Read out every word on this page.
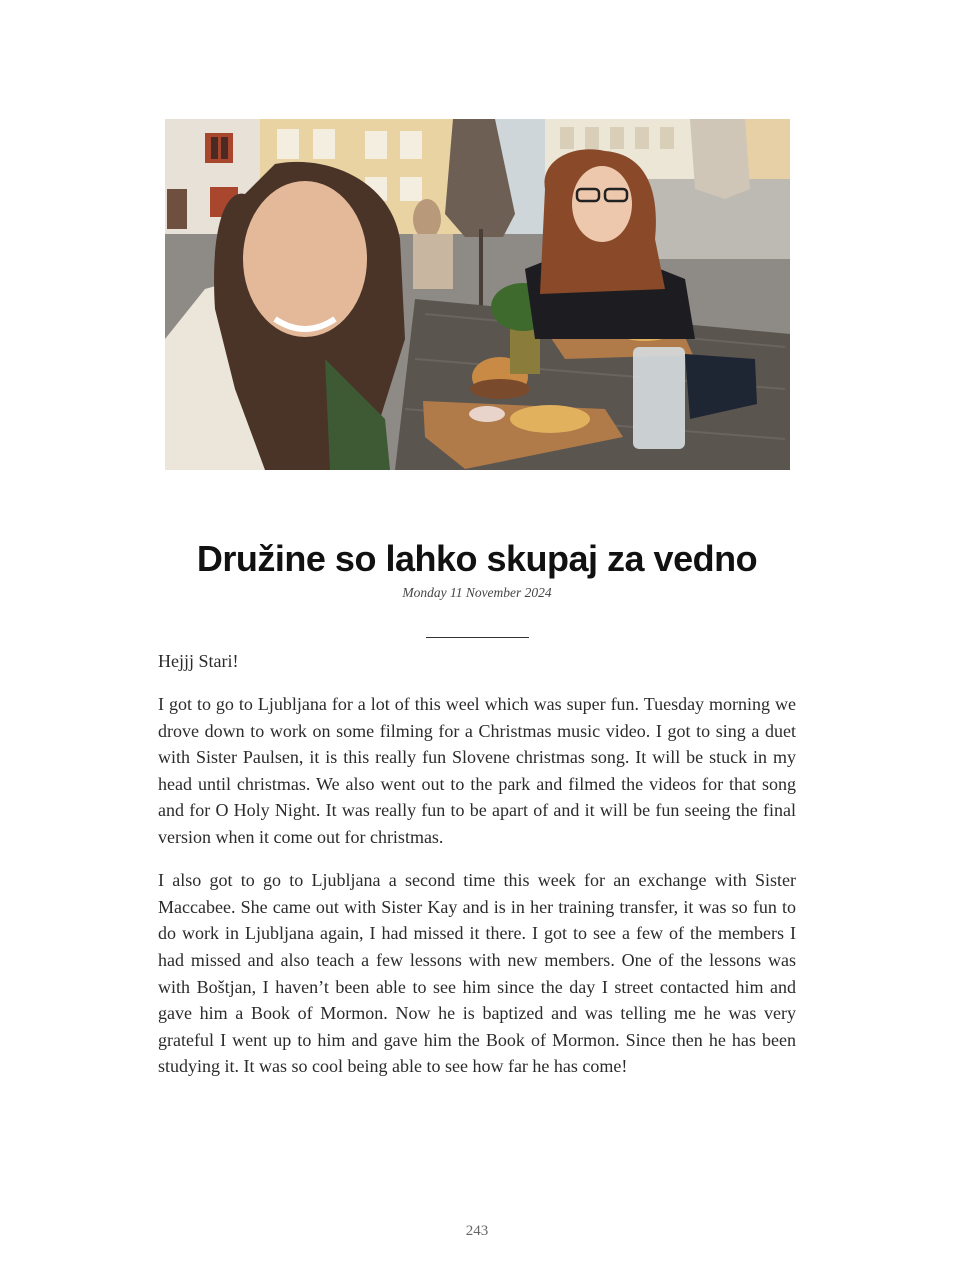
Družine so lahko skupaj za vedno
Monday 11 November 2024

Hejjj Stari!

I got to go to Ljubljana for a lot of this weel which was super fun. Tuesday morning we drove down to work on some filming for a Christmas music video. I got to sing a duet with Sister Paulsen, it is this really fun Slovene christmas song. It will be stuck in my head until christmas. We also went out to the park and filmed the videos for that song and for O Holy Night. It was really fun to be apart of and it will be fun seeing the final version when it come out for christmas.

I also got to go to Ljubljana a second time this week for an exchange with Sister Maccabee. She came out with Sister Kay and is in her training transfer, it was so fun to do work in Ljubljana again, I had missed it there. I got to see a few of the members I had missed and also teach a few lessons with new members. One of the lessons was with Boštjan, I haven’t been able to see him since the day I street contacted him and gave him a Book of Mormon. Now he is baptized and was telling me he was very grateful I went up to him and gave him the Book of Mormon. Since then he has been studying it. It was so cool being able to see how far he has come!

243
